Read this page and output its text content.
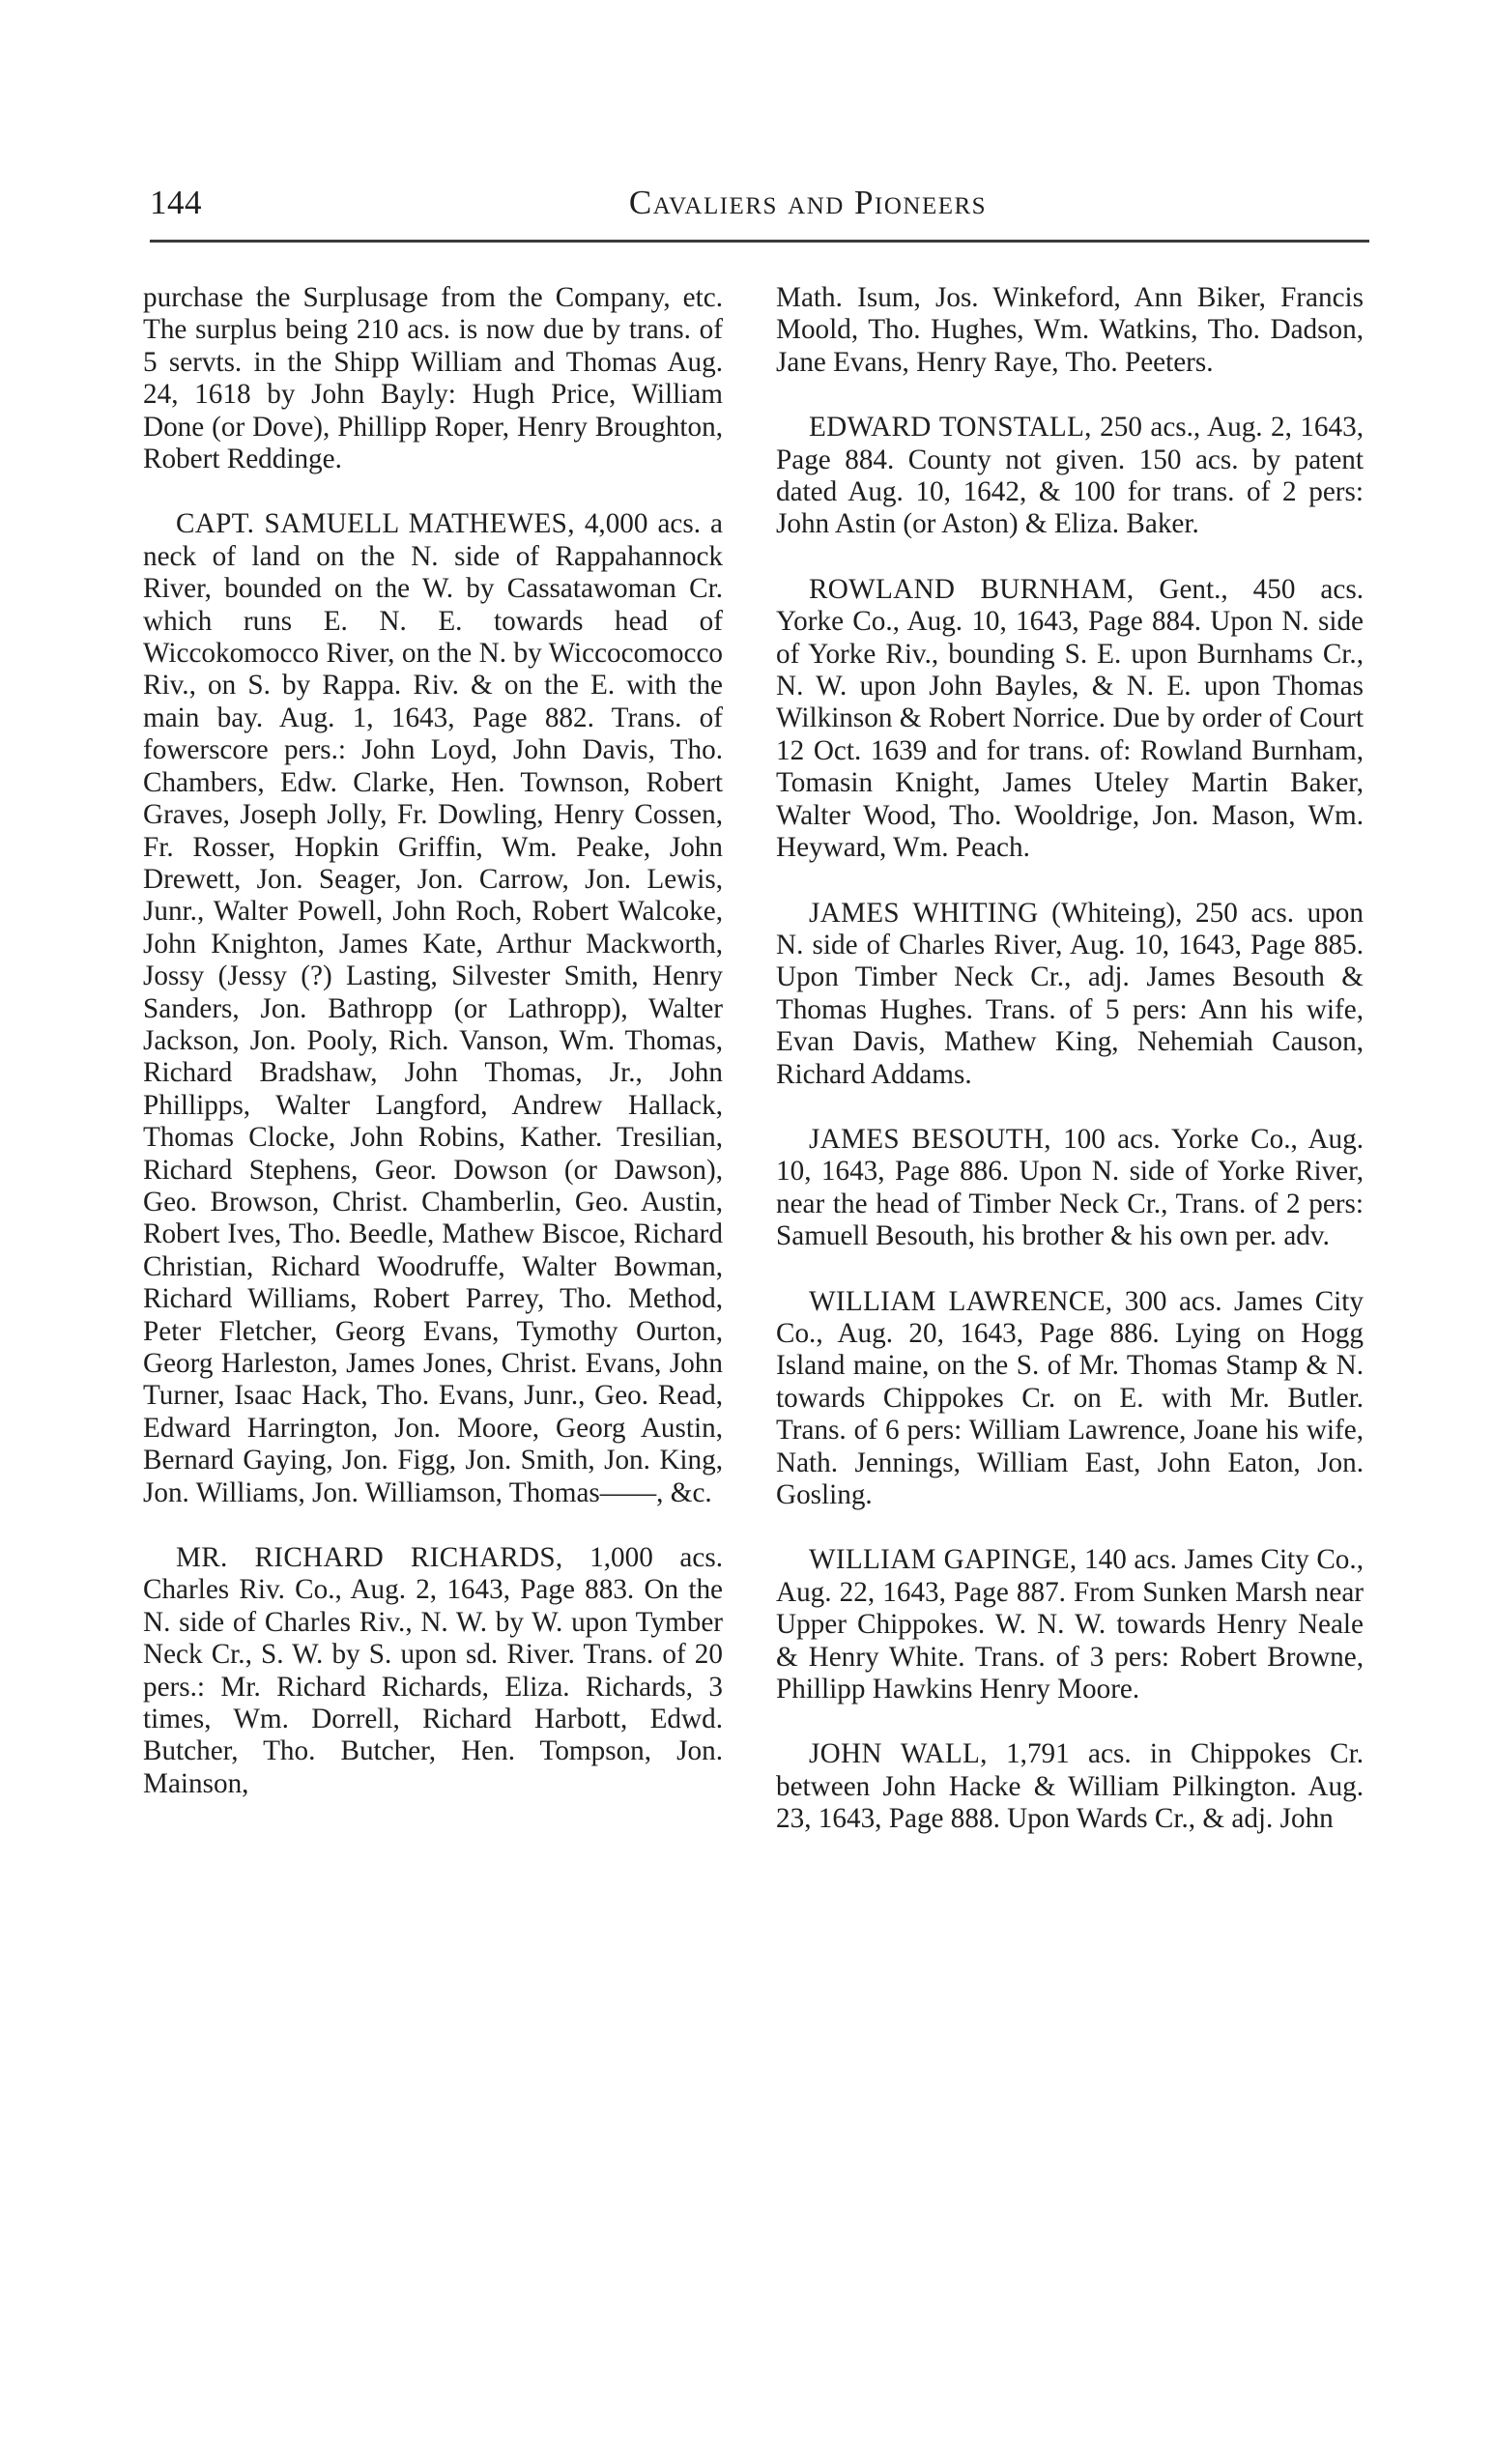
144	Cavaliers and Pioneers

purchase the Surplusage from the Company, etc. The surplus being 210 acs. is now due by trans. of 5 servts. in the Shipp William and Thomas Aug. 24, 1618 by John Bayly: Hugh Price, William Done (or Dove), Phillipp Roper, Henry Broughton, Robert Reddinge.

CAPT. SAMUELL MATHEWES, 4,000 acs. a neck of land on the N. side of Rappahannock River, bounded on the W. by Cassatawoman Cr. which runs E. N. E. towards head of Wiccokomocco River, on the N. by Wiccocomocco Riv., on S. by Rappa. Riv. & on the E. with the main bay. Aug. 1, 1643, Page 882. Trans. of fowerscore pers.: John Loyd, John Davis, Tho. Chambers, Edw. Clarke, Hen. Townson, Robert Graves, Joseph Jolly, Fr. Dowling, Henry Cossen, Fr. Rosser, Hopkin Griffin, Wm. Peake, John Drewett, Jon. Seager, Jon. Carrow, Jon. Lewis, Junr., Walter Powell, John Roch, Robert Walcoke, John Knighton, James Kate, Arthur Mackworth, Jossy (Jessy (?) Lasting, Silvester Smith, Henry Sanders, Jon. Bathropp (or Lathropp), Walter Jackson, Jon. Pooly, Rich. Vanson, Wm. Thomas, Richard Bradshaw, John Thomas, Jr., John Phillipps, Walter Langford, Andrew Hallack, Thomas Clocke, John Robins, Kather. Tresilian, Richard Stephens, Geor. Dowson (or Dawson), Geo. Browson, Christ. Chamberlin, Geo. Austin, Robert Ives, Tho. Beedle, Mathew Biscoe, Richard Christian, Richard Woodruffe, Walter Bowman, Richard Williams, Robert Parrey, Tho. Method, Peter Fletcher, Georg Evans, Tymothy Ourton, Georg Harleston, James Jones, Christ. Evans, John Turner, Isaac Hack, Tho. Evans, Junr., Geo. Read, Edward Harrington, Jon. Moore, Georg Austin, Bernard Gaying, Jon. Figg, Jon. Smith, Jon. King, Jon. Williams, Jon. Williamson, Thomas——, &c.

MR. RICHARD RICHARDS, 1,000 acs. Charles Riv. Co., Aug. 2, 1643, Page 883. On the N. side of Charles Riv., N. W. by W. upon Tymber Neck Cr., S. W. by S. upon sd. River. Trans. of 20 pers.: Mr. Richard Richards, Eliza. Richards, 3 times, Wm. Dorrell, Richard Harbott, Edwd. Butcher, Tho. Butcher, Hen. Tompson, Jon. Mainson,

Math. Isum, Jos. Winkeford, Ann Biker, Francis Moold, Tho. Hughes, Wm. Watkins, Tho. Dadson, Jane Evans, Henry Raye, Tho. Peeters.

EDWARD TONSTALL, 250 acs., Aug. 2, 1643, Page 884. County not given. 150 acs. by patent dated Aug. 10, 1642, & 100 for trans. of 2 pers: John Astin (or Aston) & Eliza. Baker.

ROWLAND BURNHAM, Gent., 450 acs. Yorke Co., Aug. 10, 1643, Page 884. Upon N. side of Yorke Riv., bounding S. E. upon Burnhams Cr., N. W. upon John Bayles, & N. E. upon Thomas Wilkinson & Robert Norrice. Due by order of Court 12 Oct. 1639 and for trans. of: Rowland Burnham, Tomasin Knight, James Uteley Martin Baker, Walter Wood, Tho. Wooldrige, Jon. Mason, Wm. Heyward, Wm. Peach.

JAMES WHITING (Whiteing), 250 acs. upon N. side of Charles River, Aug. 10, 1643, Page 885. Upon Timber Neck Cr., adj. James Besouth & Thomas Hughes. Trans. of 5 pers: Ann his wife, Evan Davis, Mathew King, Nehemiah Causon, Richard Addams.

JAMES BESOUTH, 100 acs. Yorke Co., Aug. 10, 1643, Page 886. Upon N. side of Yorke River, near the head of Timber Neck Cr., Trans. of 2 pers: Samuell Besouth, his brother & his own per. adv.

WILLIAM LAWRENCE, 300 acs. James City Co., Aug. 20, 1643, Page 886. Lying on Hogg Island maine, on the S. of Mr. Thomas Stamp & N. towards Chippokes Cr. on E. with Mr. Butler. Trans. of 6 pers: William Lawrence, Joane his wife, Nath. Jennings, William East, John Eaton, Jon. Gosling.

WILLIAM GAPINGE, 140 acs. James City Co., Aug. 22, 1643, Page 887. From Sunken Marsh near Upper Chippokes. W. N. W. towards Henry Neale & Henry White. Trans. of 3 pers: Robert Browne, Phillipp Hawkins Henry Moore.

JOHN WALL, 1,791 acs. in Chippokes Cr. between John Hacke & William Pilkington. Aug. 23, 1643, Page 888. Upon Wards Cr., & adj. John
